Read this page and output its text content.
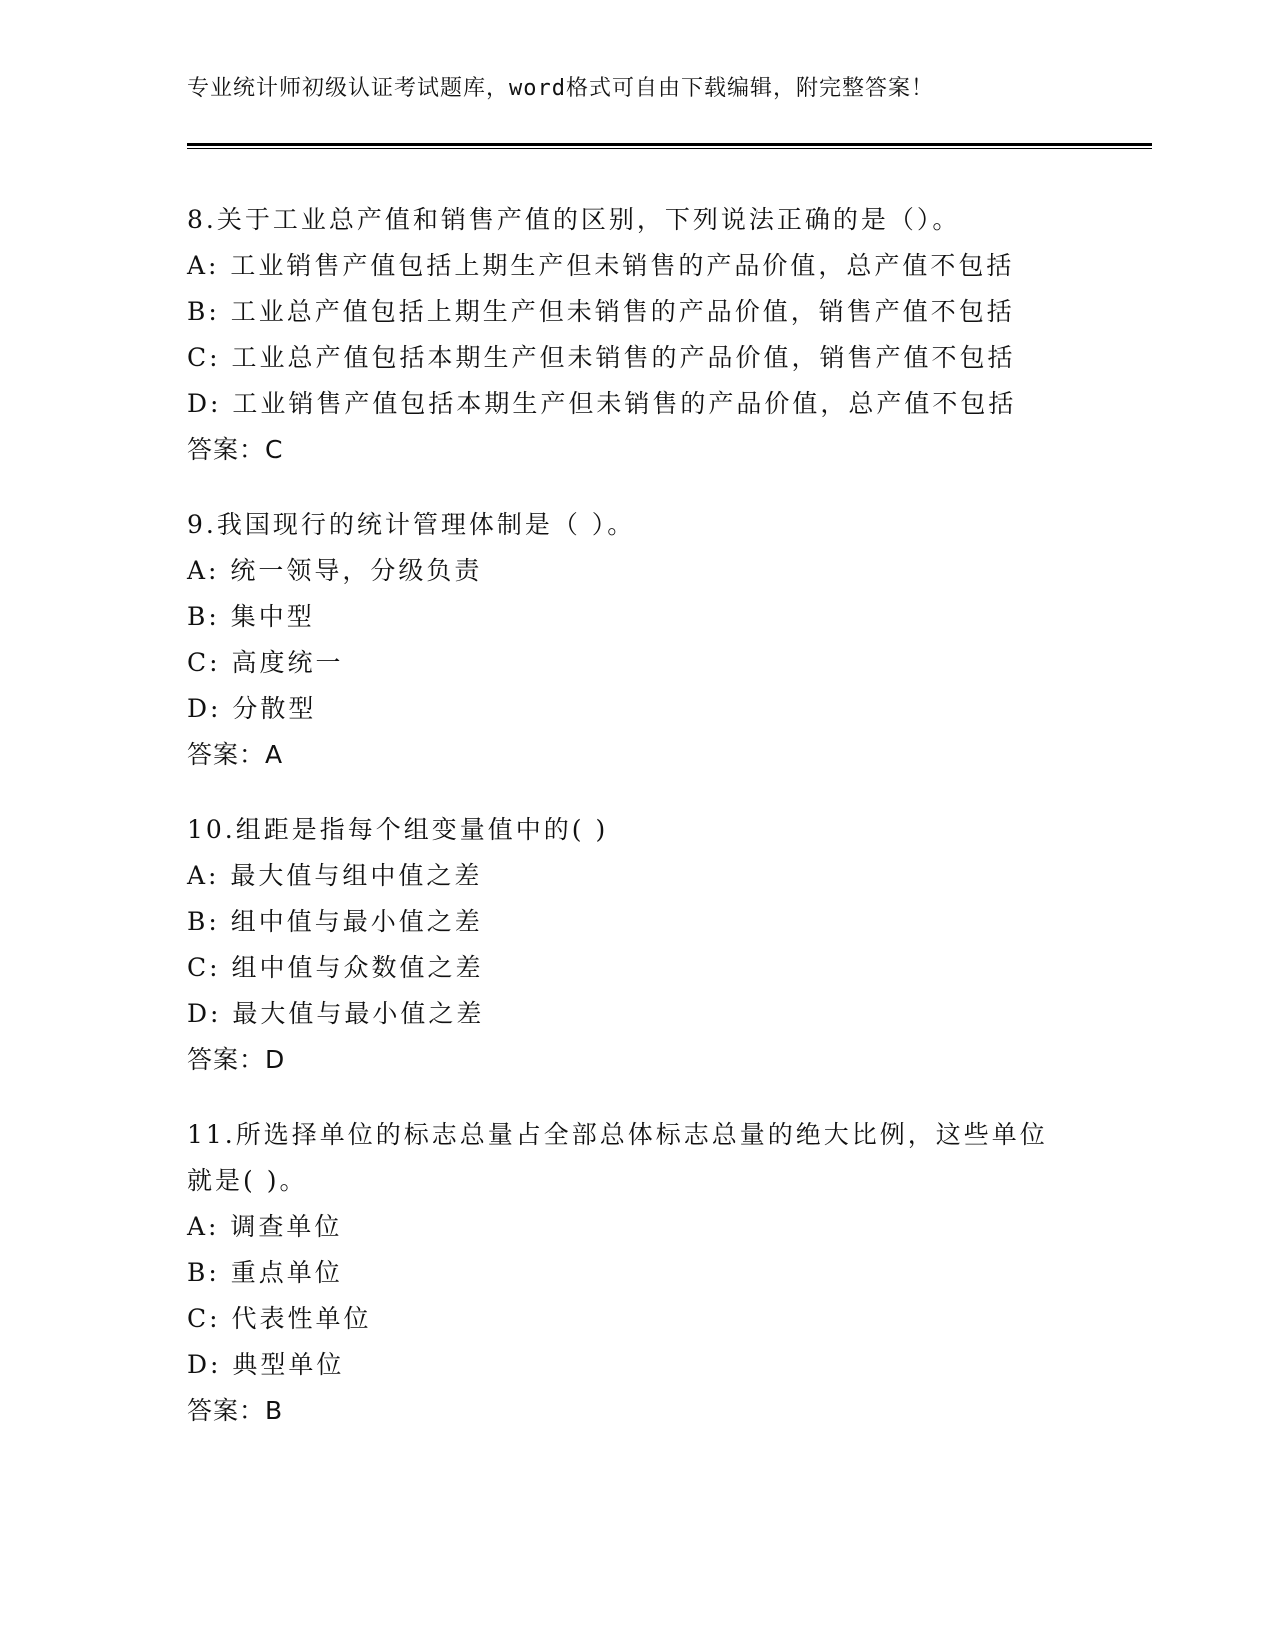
专业统计师初级认证考试题库，word格式可自由下载编辑，附完整答案！
8.关于工业总产值和销售产值的区别，下列说法正确的是（）。
A: 工业销售产值包括上期生产但未销售的产品价值，总产值不包括
B: 工业总产值包括上期生产但未销售的产品价值，销售产值不包括
C: 工业总产值包括本期生产但未销售的产品价值，销售产值不包括
D: 工业销售产值包括本期生产但未销售的产品价值，总产值不包括
答案：C
9.我国现行的统计管理体制是（ ）。
A: 统一领导，分级负责
B: 集中型
C: 高度统一
D: 分散型
答案：A
10.组距是指每个组变量值中的( )
A: 最大值与组中值之差
B: 组中值与最小值之差
C: 组中值与众数值之差
D: 最大值与最小值之差
答案：D
11.所选择单位的标志总量占全部总体标志总量的绝大比例，这些单位
就是( )。
A: 调查单位
B: 重点单位
C: 代表性单位
D: 典型单位
答案：B
